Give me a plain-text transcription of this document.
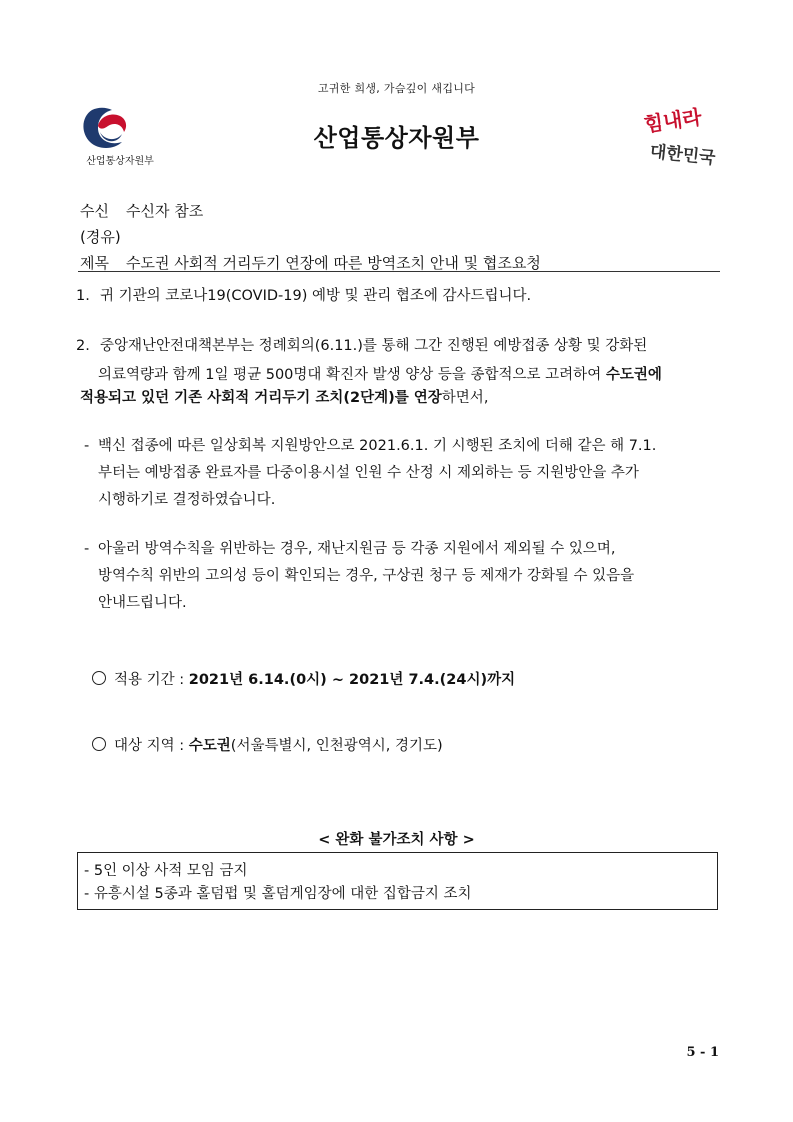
고귀한 희생, 가슴깊이 새깁니다
산업통상자원부
산업통상자원부
힘내라
대한민국
수신 수신자 참조
(경유)
제목 수도권 사회적 거리두기 연장에 따른 방역조치 안내 및 협조요청
1. 귀 기관의 코로나19(COVID-19) 예방 및 관리 협조에 감사드립니다.
2. 중앙재난안전대책본부는 정례회의(6.11.)를 통해 그간 진행된 예방접종 상황 및 강화된
의료역량과 함께 1일 평균 500명대 확진자 발생 양상 등을 종합적으로 고려하여 수도권에
적용되고 있던 기존 사회적 거리두기 조치(2단계)를 연장하면서,
- 백신 접종에 따른 일상회복 지원방안으로 2021.6.1. 기 시행된 조치에 더해 같은 해 7.1.
부터는 예방접종 완료자를 다중이용시설 인원 수 산정 시 제외하는 등 지원방안을 추가
시행하기로 결정하였습니다.
- 아울러 방역수칙을 위반하는 경우, 재난지원금 등 각종 지원에서 제외될 수 있으며,
방역수칙 위반의 고의성 등이 확인되는 경우, 구상권 청구 등 제재가 강화될 수 있음을
안내드립니다.
적용 기간 : 2021년 6.14.(0시) ~ 2021년 7.4.(24시)까지
대상 지역 : 수도권(서울특별시, 인천광역시, 경기도)
< 완화 불가조치 사항 >
- 5인 이상 사적 모임 금지
- 유흥시설 5종과 홀덤펍 및 홀덤게임장에 대한 집합금지 조치
5 - 1
